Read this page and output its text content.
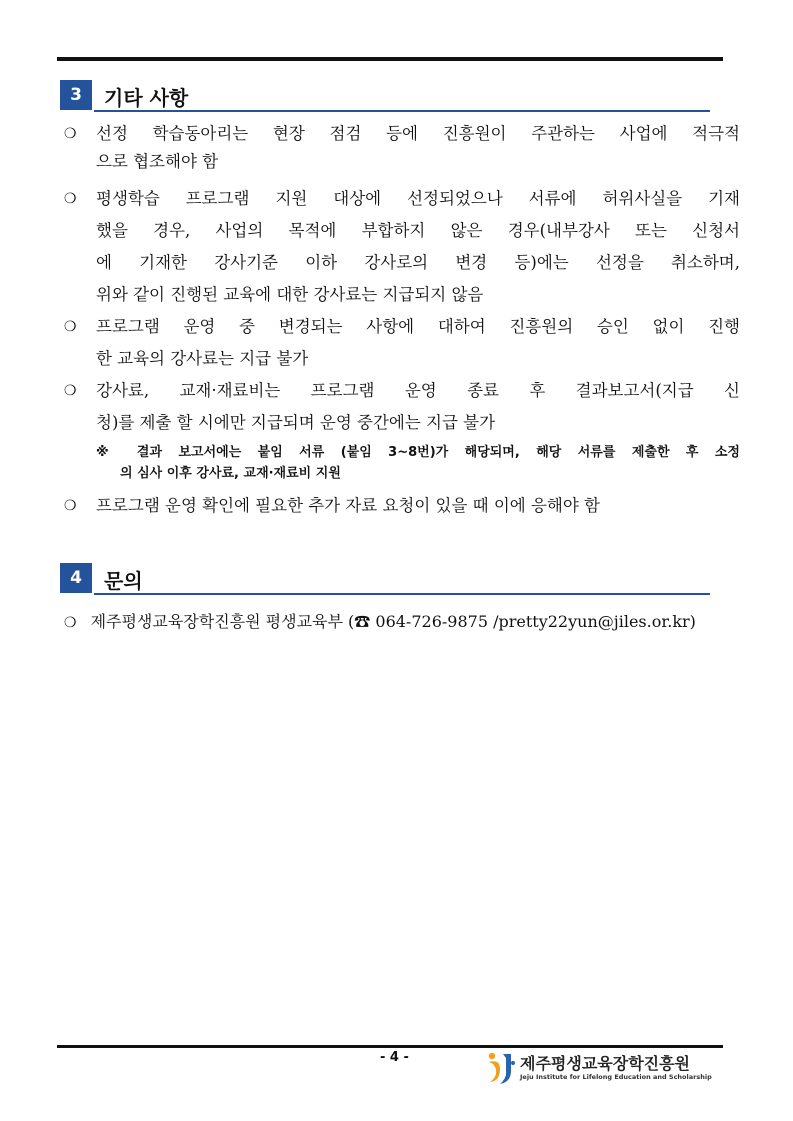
3	기타 사항
❍	선정 학습동아리는 현장 점검 등에 진흥원이 주관하는 사업에 적극적
으로 협조해야 함
❍	평생학습 프로그램 지원 대상에 선정되었으나 서류에 허위사실을 기재
했을 경우, 사업의 목적에 부합하지 않은 경우(내부강사 또는 신청서
에 기재한 강사기준 이하 강사로의 변경 등)에는 선정을 취소하며,
위와 같이 진행된 교육에 대한 강사료는 지급되지 않음
❍	프로그램 운영 중 변경되는 사항에 대하여 진흥원의 승인 없이 진행
한 교육의 강사료는 지급 불가
❍	강사료, 교재·재료비는 프로그램 운영 종료 후 결과보고서(지급 신
청)를 제출 할 시에만 지급되며 운영 중간에는 지급 불가
※ 결과 보고서에는 붙임 서류 (붙임 3~8번)가 해당되며, 해당 서류를 제출한 후 소정
의 심사 이후 강사료, 교재·재료비 지원
❍	프로그램 운영 확인에 필요한 추가 자료 요청이 있을 때 이에 응해야 함
4	문의
❍ 제주평생교육장학진흥원 평생교육부 (☎ 064-726-9875 /pretty22yun@jiles.or.kr)
- 4 -	제주평생교육장학진흥원
Jeju Institute for Lifelong Education and Scholarship
